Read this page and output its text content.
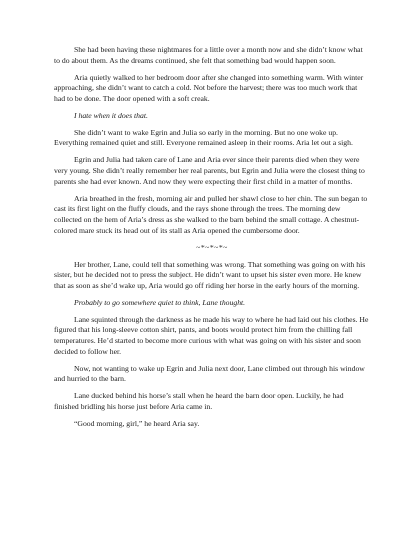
She had been having these nightmares for a little over a month now and she didn’t know what to do about them. As the dreams continued, she felt that something bad would happen soon.

Aria quietly walked to her bedroom door after she changed into something warm. With winter approaching, she didn’t want to catch a cold. Not before the harvest; there was too much work that had to be done. The door opened with a soft creak.

I hate when it does that.

She didn’t want to wake Egrin and Julia so early in the morning. But no one woke up. Everything remained quiet and still. Everyone remained asleep in their rooms. Aria let out a sigh.

Egrin and Julia had taken care of Lane and Aria ever since their parents died when they were very young. She didn’t really remember her real parents, but Egrin and Julia were the closest thing to parents she had ever known. And now they were expecting their first child in a matter of months.

Aria breathed in the fresh, morning air and pulled her shawl close to her chin. The sun began to cast its first light on the fluffy clouds, and the rays shone through the trees. The morning dew collected on the hem of Aria’s dress as she walked to the barn behind the small cottage. A chestnut-colored mare stuck its head out of its stall as Aria opened the cumbersome door.

~*~*~*~

Her brother, Lane, could tell that something was wrong. That something was going on with his sister, but he decided not to press the subject. He didn’t want to upset his sister even more. He knew that as soon as she’d wake up, Aria would go off riding her horse in the early hours of the morning.

Probably to go somewhere quiet to think, Lane thought.

Lane squinted through the darkness as he made his way to where he had laid out his clothes. He figured that his long-sleeve cotton shirt, pants, and boots would protect him from the chilling fall temperatures. He’d started to become more curious with what was going on with his sister and soon decided to follow her.

Now, not wanting to wake up Egrin and Julia next door, Lane climbed out through his window and hurried to the barn.

Lane ducked behind his horse’s stall when he heard the barn door open. Luckily, he had finished bridling his horse just before Aria came in.

“Good morning, girl,” he heard Aria say.
